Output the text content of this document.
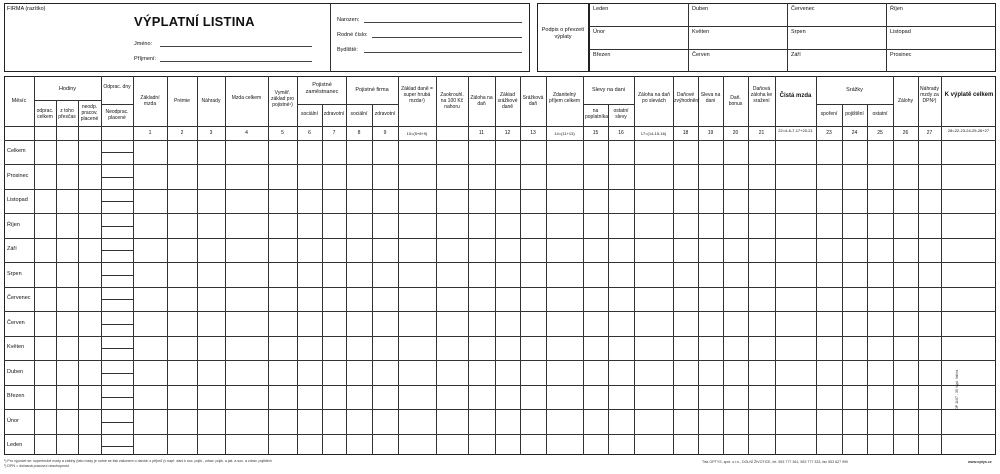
FIRMA (razítko)
VÝPLATNÍ LISTINA
Jméno:
Příjmení:
Narozen:
Rodné číslo:
Bydliště:
Podpis o převzetí výplaty
Leden	Duben	Červenec	Říjen
Únor	Květen	Srpen	Listopad
Březen	Červen	Září	Prosinec
Měsíc
Hodiny
odprac. celkem
z toho přesčas
neodp. pracov. placené
Odprac. dny
Neodprac. placené
Základní mzda	Prémie	Náhrady	Mzda celkem
Vyměř. základ pro pojistné¹)
Pojistné zaměstnanec
sociální	zdravotní
Pojistné firma
sociální	zdravotní
Základ daně = super hrubá mzda¹)
Zaokrouhl. na 100 Kč nahoru
Záloha na daň
Základ srážkové daně
Srážková daň
Zdanitelný příjem celkem
Slevy na dani
na poplatníka
ostatní slevy
Záloha na daň po slevách
Daňové zvýhodnění
Sleva na dani	Daň. bonus
Daňová záloha ke sražení
Čistá mzda
Srážky
spoření	pojištění	ostatní
Zálohy
Náhrady mzdy za DPN²)
K výplatě celkem
1	2	3	4	5	6	7	8	9	10=(5+8+9)	11	12	13	14=(11+13)	15	16	17=(14-15-16)	18	19	20	21	22=4-6-7-17+20-21	23	24	25	26	27	28=22-23-24-25-26+27
Celkem
Prosinec
Listopad
Říjen
Září
Srpen
Červenec
Červen
Květen
Duben
Březen
Únor
Leden
¹) Pro výpočet se: superhrubé mzdy a zálohy (tato mzdy je nutné se tisk zákonem o daních z příjmů (v např. dani k soc. pojiš., zdrav. pojiš. a jak. a soc. a zdrav. pojištění
²) DPN = dočasná pracovní neschopnost
Tisk OPTYS, spol. s r.o., DOLNÍ ŽIVOTICE, tel. 553 777 361, 553 777 333, fax 553 627 990	www.optys.cz
OP 1107 - 35 Výpl. listina
